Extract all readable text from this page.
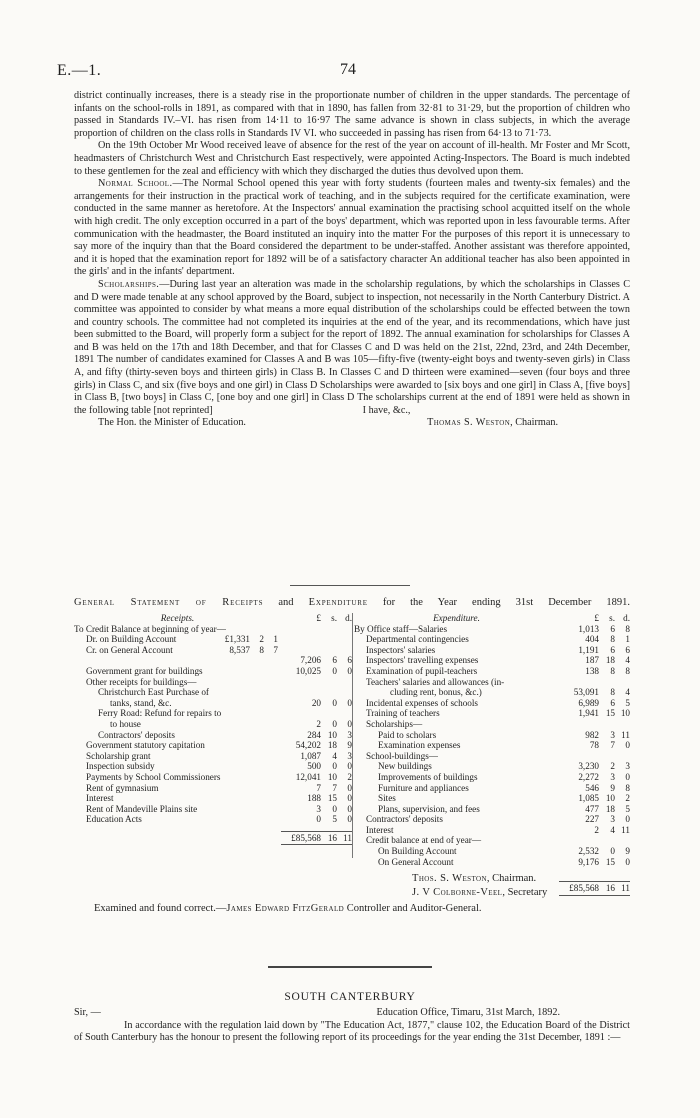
E.—1.	74

district continually increases, there is a steady rise in the proportionate number of children in the upper standards. The percentage of infants on the school-rolls in 1891, as compared with that in 1890, has fallen from 32·81 to 31·29, but the proportion of children who passed in Standards IV.–VI. has risen from 14·11 to 16·97 The same advance is shown in class subjects, in which the average proportion of children on the class rolls in Standards IV VI. who succeeded in passing has risen from 64·13 to 71·73.

On the 19th October Mr Wood received leave of absence for the rest of the year on account of ill-health. Mr Foster and Mr Scott, headmasters of Christchurch West and Christchurch East respectively, were appointed Acting-Inspectors. The Board is much indebted to these gentlemen for the zeal and efficiency with which they discharged the duties thus devolved upon them.

Normal School.—The Normal School opened this year with forty students (fourteen males and twenty-six females) and the arrangements for their instruction in the practical work of teaching, and in the subjects required for the certificate examination, were conducted in the same manner as heretofore. At the Inspectors' annual examination the practising school acquitted itself on the whole with high credit. The only exception occurred in a part of the boys' department, which was reported upon in less favourable terms. After communication with the headmaster, the Board instituted an inquiry into the matter For the purposes of this report it is unnecessary to say more of the inquiry than that the Board considered the department to be under-staffed. Another assistant was therefore appointed, and it is hoped that the examination report for 1892 will be of a satisfactory character An additional teacher has also been appointed in the girls' and in the infants' department.

Scholarships.—During last year an alteration was made in the scholarship regulations, by which the scholarships in Classes C and D were made tenable at any school approved by the Board, subject to inspection, not necessarily in the North Canterbury District. A committee was appointed to consider by what means a more equal distribution of the scholarships could be effected between the town and country schools. The committee had not completed its inquiries at the end of the year, and its recommendations, which have just been submitted to the Board, will properly form a subject for the report of 1892. The annual examination for scholarships for Classes A and B was held on the 17th and 18th December, and that for Classes C and D was held on the 21st, 22nd, 23rd, and 24th December, 1891 The number of candidates examined for Classes A and B was 105—fifty-five (twenty-eight boys and twenty-seven girls) in Class A, and fifty (thirty-seven boys and thirteen girls) in Class B. In Classes C and D thirteen were examined—seven (four boys and three girls) in Class C, and six (five boys and one girl) in Class D Scholarships were awarded to [six boys and one girl] in Class A, [five boys] in Class B, [two boys] in Class C, [one boy and one girl] in Class D The scholarships current at the end of 1891 were held as shown in the following table [not reprinted]	I have, &c.,

The Hon. the Minister of Education.	Thomas S. Weston, Chairman.
General Statement of Receipts and Expenditure for the Year ending 31st December 1891.
Receipts.	£	s. d.
To Credit Balance at beginning of year—
Dr. on Building Account	£1,331	2	1
Cr. on General Account	8,537	8	7
7,206	6	6
Government grant for buildings	10,025	0	0
Other receipts for buildings—
Christchurch East Purchase of
tanks, stand, &c.	20	0	0
Ferry Road: Refund for repairs to
to house	2	0	0
Contractors' deposits	284 10	3
Government statutory capitation	54,202 18	9
Scholarship grant	1,087	4	3
Inspection subsidy	500	0	0
Payments by School Commissioners	12,041 10	2
Rent of gymnasium	7	7	0
Interest	188 15	0
Rent of Mandeville Plains site	3	0	0
Education Acts	0	5	0
£85,568 16 11
Expenditure.	£	s. d.
By Office staff—Salaries	1,013	6	8
Departmental contingencies	404	8	1
Inspectors' salaries	1,191	6	6
Inspectors' travelling expenses	187 18	4
Examination of pupil-teachers	138	8	8
Teachers' salaries and allowances (in-
cluding rent, bonus, &c.)	53,091	8	4
Incidental expenses of schools	6,989	6	5
Training of teachers	1,941 15 10
Scholarships—
Paid to scholars	982	3 11
Examination expenses	78	7	0
School-buildings—
New buildings	3,230	2	3
Improvements of buildings	2,272	3	0
Furniture and appliances	546	9	8
Sites	1,085 10	2
Plans, supervision, and fees	477 18	5
Contractors' deposits	227	3	0
Interest	2	4 11
Credit balance at end of year—
On Building Account	2,532	0	9
On General Account	9,176 15	0
£85,568 16 11
Thos. S. Weston, Chairman.
J. V Colborne-Veel, Secretary
Examined and found correct.—James Edward FitzGerald Controller and Auditor-General.
SOUTH CANTERBURY
Sir, —	Education Office, Timaru, 31st March, 1892.

In accordance with the regulation laid down by "The Education Act, 1877," clause 102, the Education Board of the District of South Canterbury has the honour to present the following report of its proceedings for the year ending the 31st December, 1891 :—
